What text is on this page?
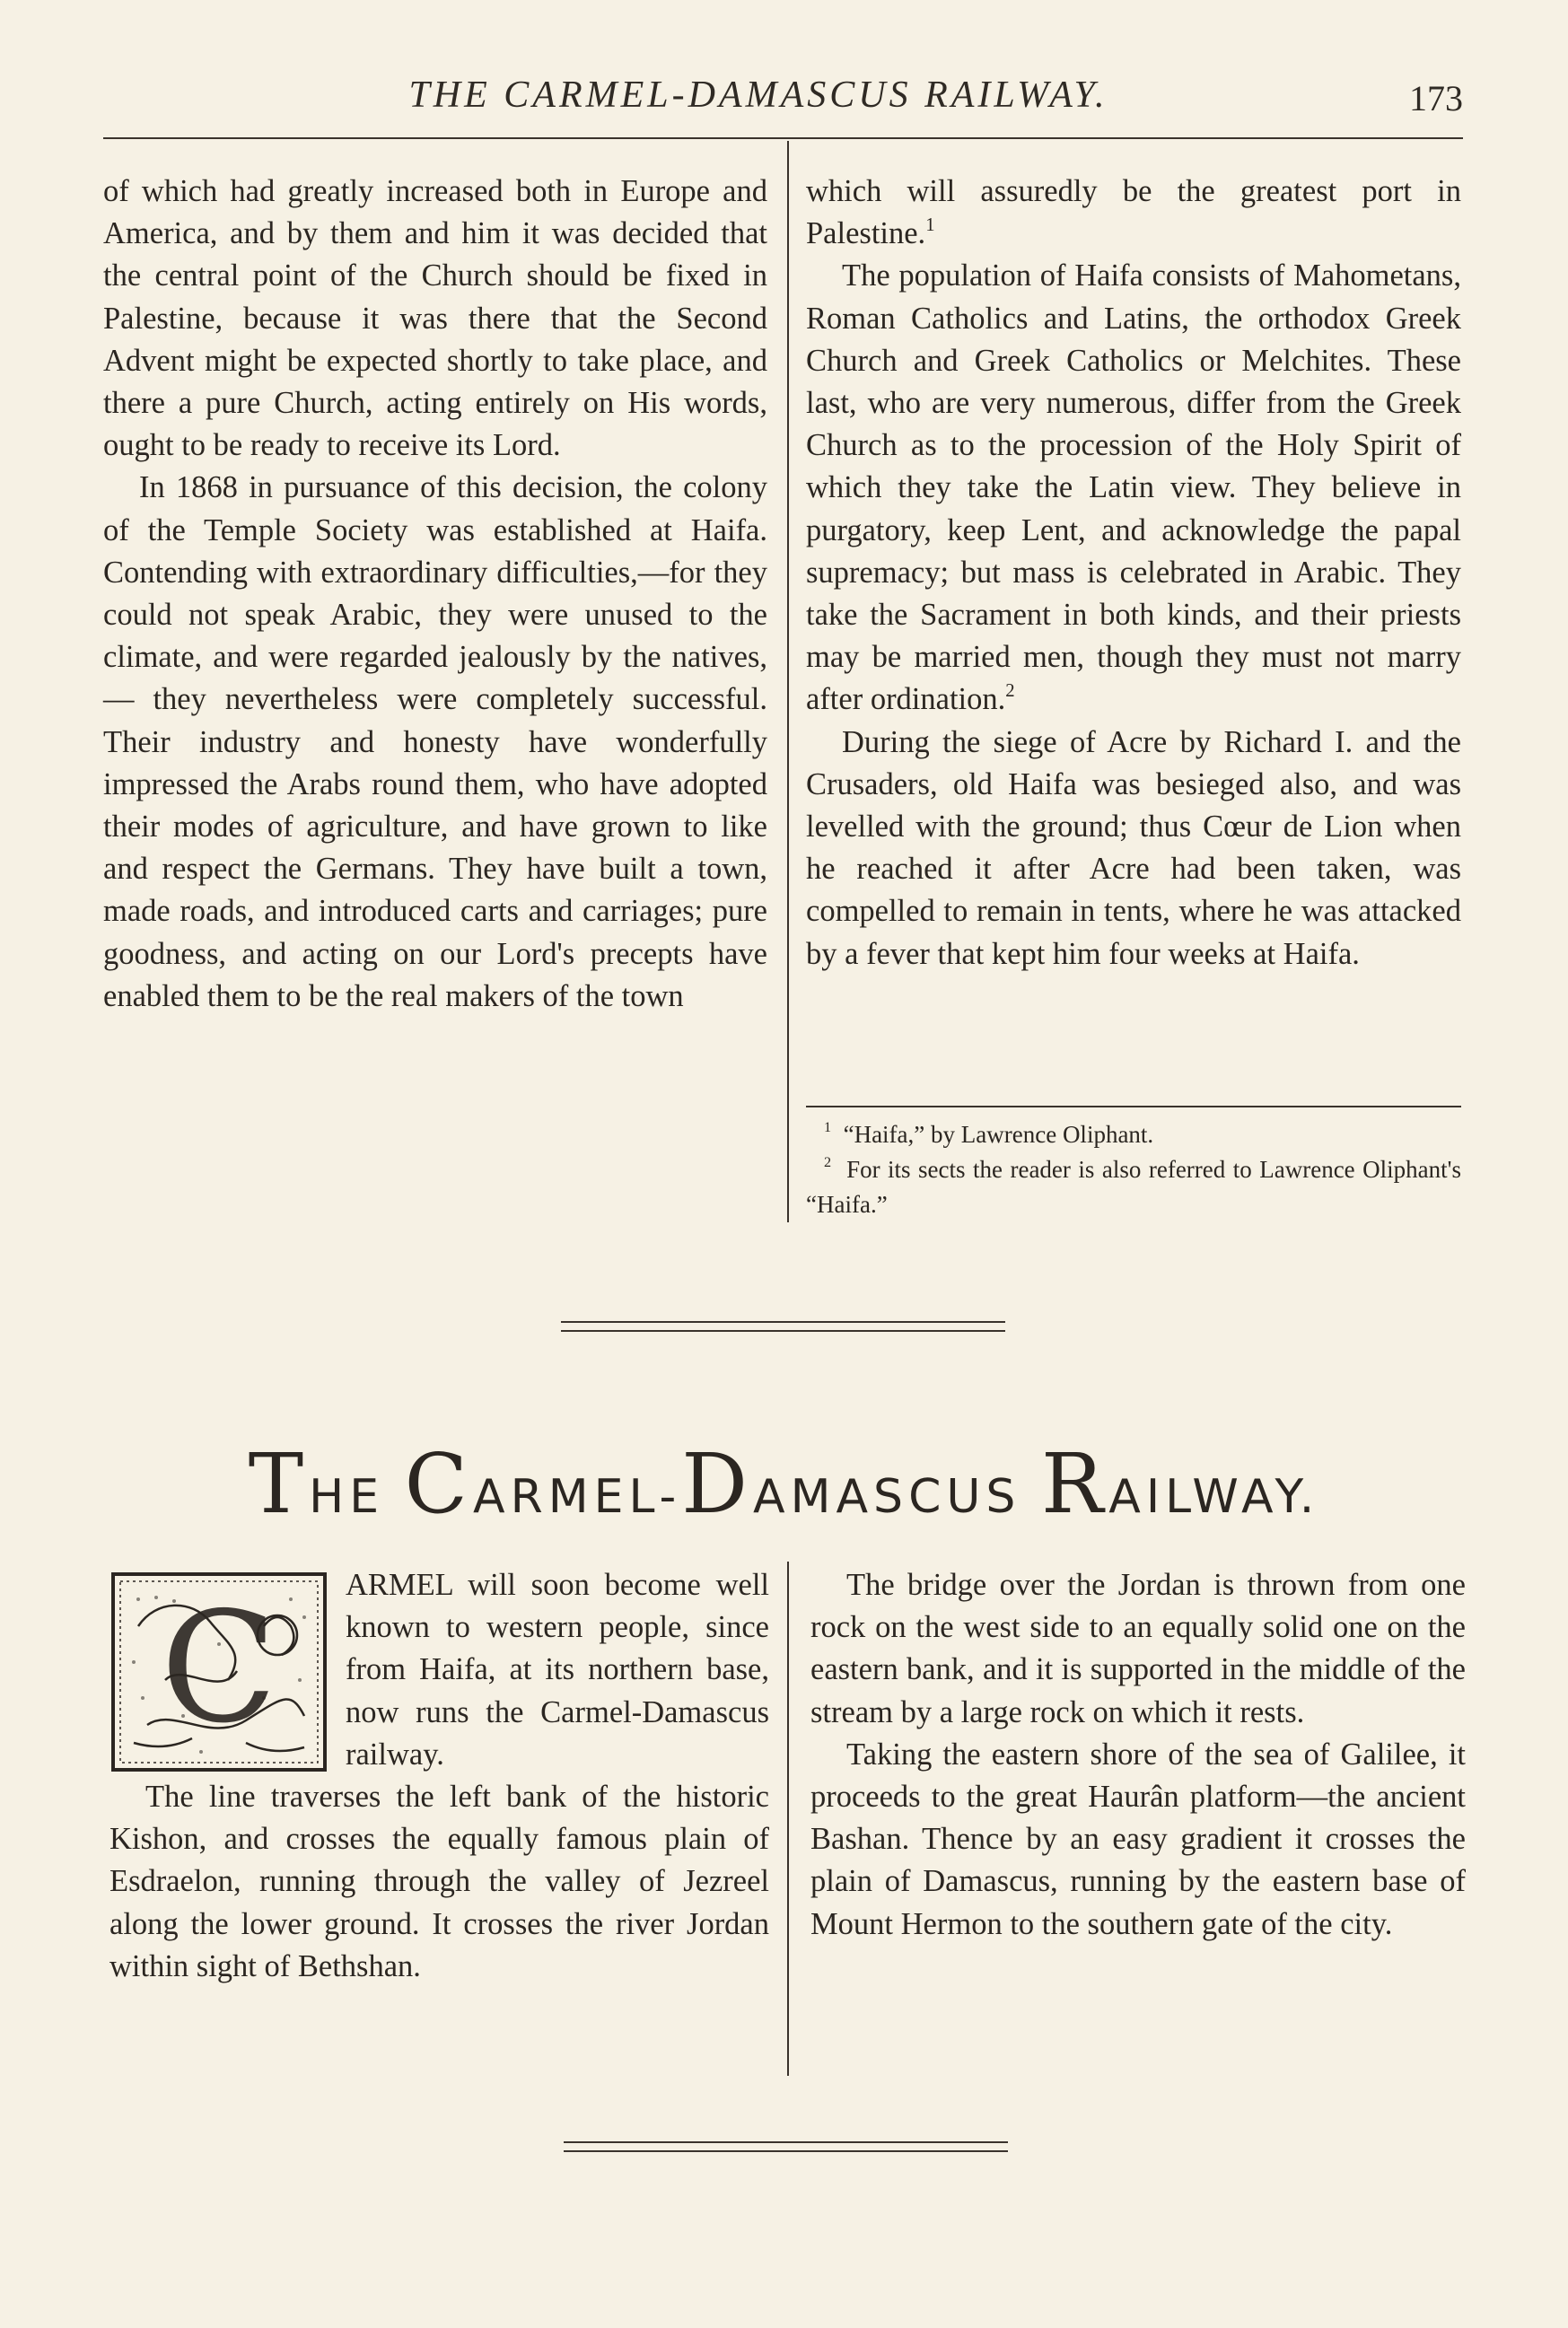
THE CARMEL-DAMASCUS RAILWAY.	173

of which had greatly increased both in Europe and America, and by them and him it was decided that the central point of the Church should be fixed in Palestine, because it was there that the Second Advent might be expected shortly to take place, and there a pure Church, acting entirely on His words, ought to be ready to receive its Lord.

In 1868 in pursuance of this decision, the colony of the Temple Society was established at Haifa. Contending with extraordinary difficulties,—for they could not speak Arabic, they were unused to the climate, and were regarded jealously by the natives,— they nevertheless were completely successful. Their industry and honesty have wonderfully impressed the Arabs round them, who have adopted their modes of agriculture, and have grown to like and respect the Germans. They have built a town, made roads, and introduced carts and carriages; pure goodness, and acting on our Lord's precepts have enabled them to be the real makers of the town

which will assuredly be the greatest port in Palestine.$^1$

The population of Haifa consists of Mahometans, Roman Catholics and Latins, the orthodox Greek Church and Greek Catholics or Melchites. These last, who are very numerous, differ from the Greek Church as to the procession of the Holy Spirit of which they take the Latin view. They believe in purgatory, keep Lent, and acknowledge the papal supremacy; but mass is celebrated in Arabic. They take the Sacrament in both kinds, and their priests may be married men, though they must not marry after ordination.$^2$

During the siege of Acre by Richard I. and the Crusaders, old Haifa was besieged also, and was levelled with the ground; thus Cœur de Lion when he reached it after Acre had been taken, was compelled to remain in tents, where he was attacked by a fever that kept him four weeks at Haifa.

$^1$ “Haifa,” by Lawrence Oliphant.

$^2$ For its sects the reader is also referred to Lawrence Oliphant's “Haifa.”

THE CARMEL-DAMASCUS RAILWAY.
C	ARMEL will soon become well known to western people, since from Haifa, at its northern base, now runs the Carmel-Damascus railway.

The line traverses the left bank of the historic Kishon, and crosses the equally famous plain of Esdraelon, running through the valley of Jezreel along the lower ground. It crosses the river Jordan within sight of Bethshan.

The bridge over the Jordan is thrown from one rock on the west side to an equally solid one on the eastern bank, and it is supported in the middle of the stream by a large rock on which it rests.

Taking the eastern shore of the sea of Galilee, it proceeds to the great Haurân platform—the ancient Bashan. Thence by an easy gradient it crosses the plain of Damascus, running by the eastern base of Mount Hermon to the southern gate of the city.
